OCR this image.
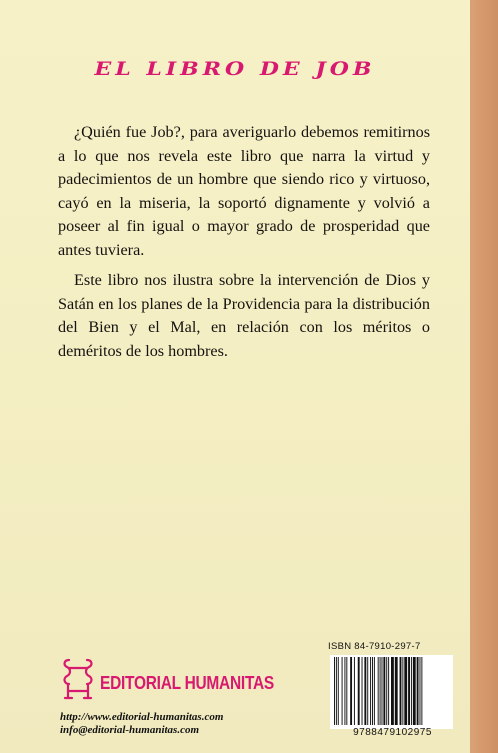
EL LIBRO DE JOB

¿Quién fue Job?, para averiguarlo debemos remitirnos a lo que nos revela este libro que narra la virtud y padecimientos de un hombre que siendo rico y virtuoso, cayó en la miseria, la soportó dignamente y volvió a poseer al fin igual o mayor grado de prosperidad que antes tuviera.

Este libro nos ilustra sobre la intervención de Dios y Satán en los planes de la Providencia para la distribución del Bien y el Mal, en relación con los méritos o deméritos de los hombres.

EDITORIAL HUMANITAS
http://www.editorial-humanitas.com
info@editorial-humanitas.com
ISBN 84-7910-297-7
9788479102975
